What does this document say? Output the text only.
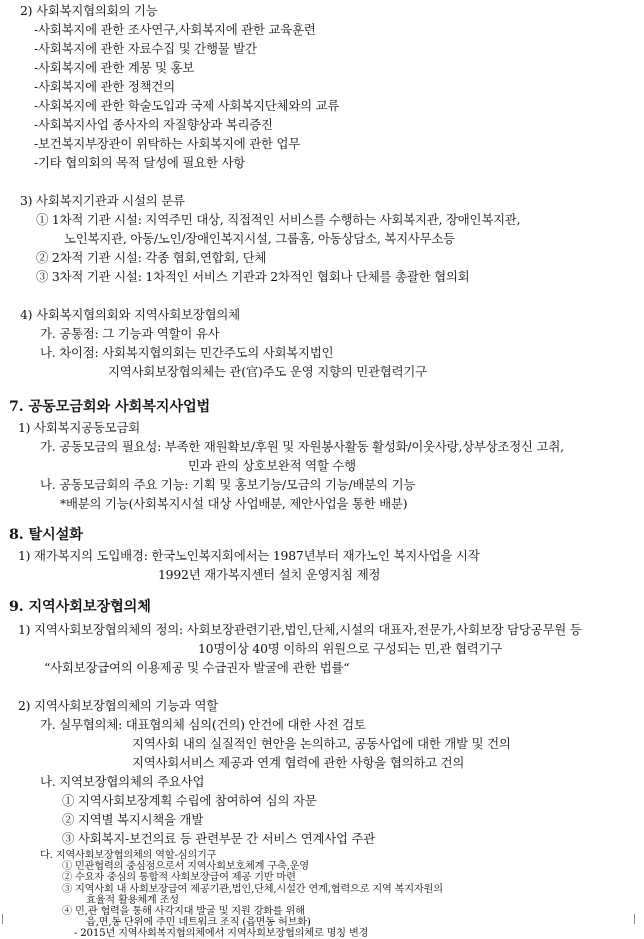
2) 사회복지협의회의 기능
-사회복지에 관한 조사연구,사회복지에 관한 교육훈련
-사회복지에 관한 자료수집 및 간행물 발간
-사회복지에 관한 계몽 및 홍보
-사회복지에 관한 정책건의
-사회복지에 관한 학술도입과 국제 사회복지단체와의 교류
-사회복지사업 종사자의 자질향상과 복리증진
-보건복지부장관이 위탁하는 사회복지에 관한 업무
-기타 협의회의 목적 달성에 필요한 사항
3) 사회복지기관과 시설의 분류
① 1차적 기관 시설: 지역주민 대상, 직접적인 서비스를 수행하는 사회복지관, 장애인복지관,
노인복지관, 아동/노인/장애인복지시설, 그룹홈, 아동상담소, 복지사무소등
② 2차적 기관 시설: 각종 협회,연합회, 단체
③ 3차적 기관 시설: 1차적인 서비스 기관과 2차적인 협회나 단체를 총괄한 협의회
4) 사회복지협의회와 지역사회보장협의체
가. 공통점: 그 기능과 역할이 유사
나. 차이점: 사회복지협의회는 민간주도의 사회복지법인
지역사회보장협의체는 관(官)주도 운영 지향의 민관협력기구
7. 공동모금회와 사회복지사업법
1) 사회복지공동모금회
가. 공동모금의 필요성: 부족한 재원확보/후원 및 자원봉사활동 활성화/이웃사랑,상부상조정신 고취,
민과 관의 상호보완적 역할 수행
나. 공동모금회의 주요 기능: 기획 및 홍보기능/모금의 기능/배분의 기능
*배분의 기능(사회복지시설 대상 사업배분, 제안사업을 통한 배분)
8. 탈시설화
1) 재가복지의 도입배경: 한국노인복지회에서는 1987년부터 재가노인 복지사업을 시작
1992년 재가복지센터 설치 운영지침 제정
9. 지역사회보장협의체
1) 지역사회보장협의체의 정의: 사회보장관련기관,법인,단체,시설의 대표자,전문가,사회보장 담당공무원 등
10명이상 40명 이하의 위원으로 구성되는 민,관 협력기구
“사회보장급여의 이용제공 및 수급권자 발굴에 관한 법률“
2) 지역사회보장협의체의 기능과 역할
가. 실무협의체: 대표협의체 심의(건의) 안건에 대한 사전 검토
지역사회 내의 실질적인 현안을 논의하고, 공동사업에 대한 개발 및 건의
지역사회서비스 제공과 연계 협력에 관한 사항을 협의하고 건의
나. 지역보장협의체의 주요사업
① 지역사회보장계획 수립에 참여하여 심의 자문
② 지역별 복지시책을 개발
③ 사회복지-보건의료 등 관련부문 간 서비스 연계사업 주관
다. 지역사회보장협의체의 역할-심의기구
① 민관협력의 중심점으로서 지역사회보호체계 구축,운영
② 수요자 중심의 통합적 사회보장급여 제공 기반 마련
③ 지역사회 내 사회보장급여 제공기관,법인,단체,시설간 연계,협력으로 지역 복지자원의
효율적 활용체계 조성
④ 민,관 협력을 통해 사각지대 발굴 및 지원 강화를 위해
읍,면,동 단위에 주민 네트워크 조직 (읍면동 허브화)
- 2015년 지역사회복지협의체에서 지역사회보장협의체로 명칭 변경
